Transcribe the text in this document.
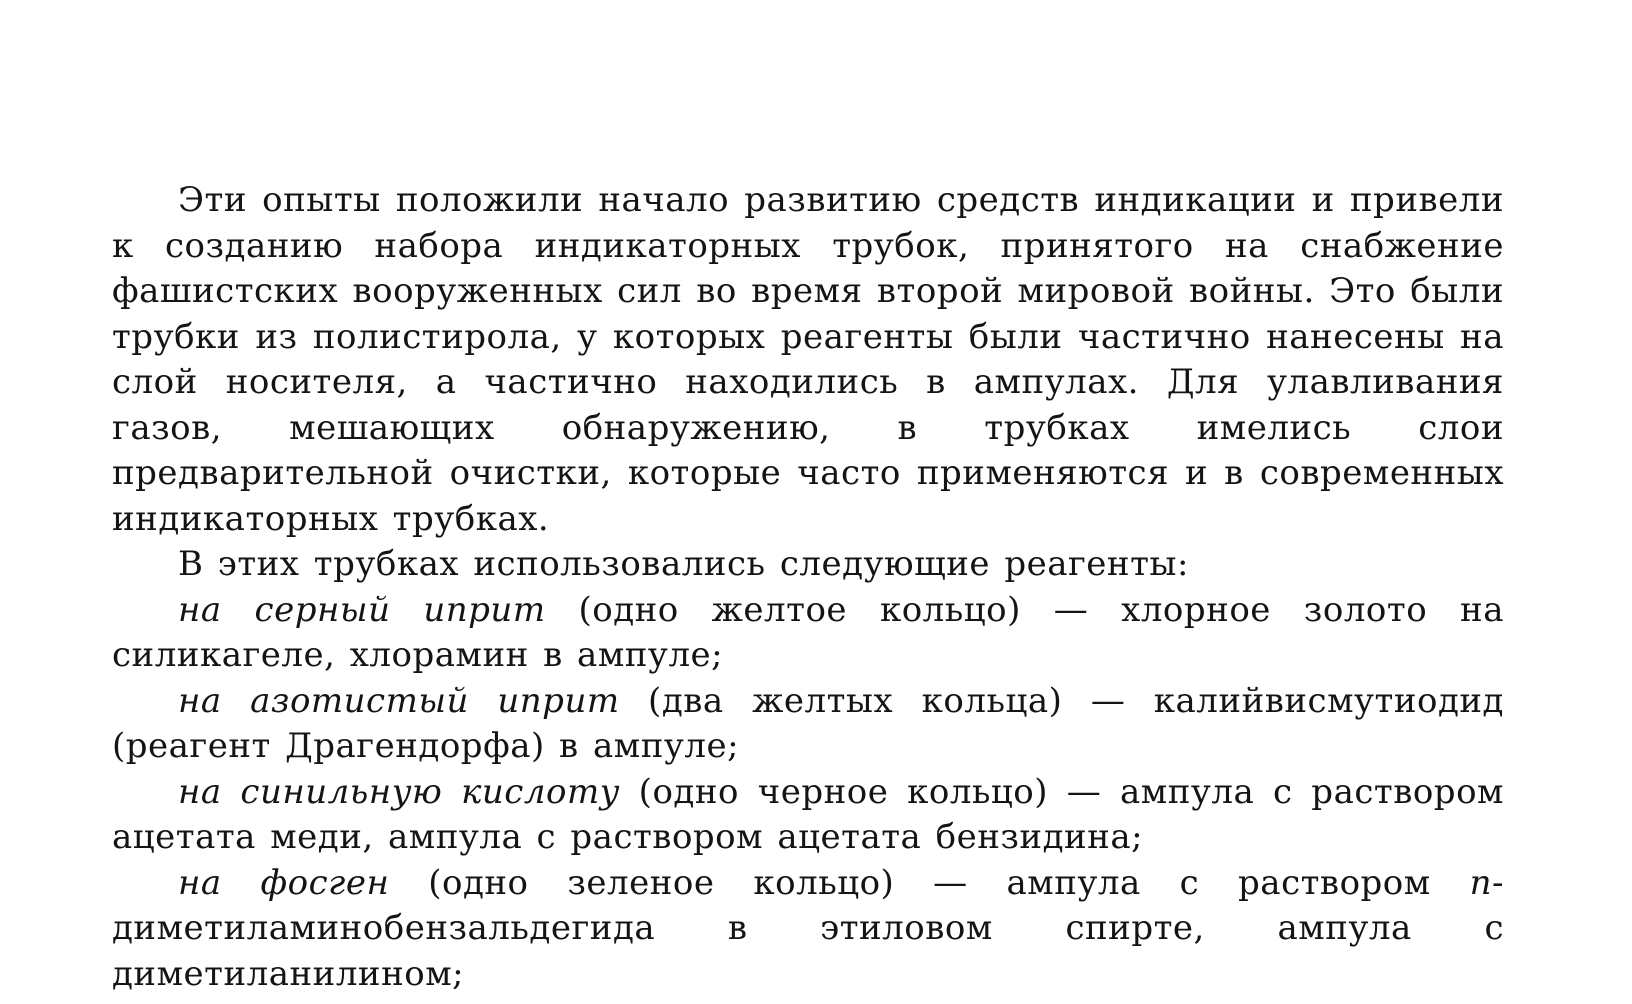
Эти опыты положили начало развитию средств индикации и привели к созданию набора индикаторных трубок, принятого на снабжение фашистских вооруженных сил во время второй мировой войны. Это были трубки из полистирола, у которых реагенты были частично нанесены на слой носителя, а частично находились в ампулах. Для улавливания газов, мешающих обнаружению, в трубках имелись слои предварительной очистки, которые часто применяются и в современных индикаторных трубках.

В этих трубках использовались следующие реагенты:

на серный иприт (одно желтое кольцо) — хлорное золото на силикагеле, хлорамин в ампуле;

на азотистый иприт (два желтых кольца) — калийвисмутиодид (реагент Драгендорфа) в ампуле;

на синильную кислоту (одно черное кольцо) — ампула с раствором ацетата меди, ампула с раствором ацетата бензидина;

на фосген (одно зеленое кольцо) — ампула с раствором п-диметиламинобензальдегида в этиловом спирте, ампула с диметиланилином;
